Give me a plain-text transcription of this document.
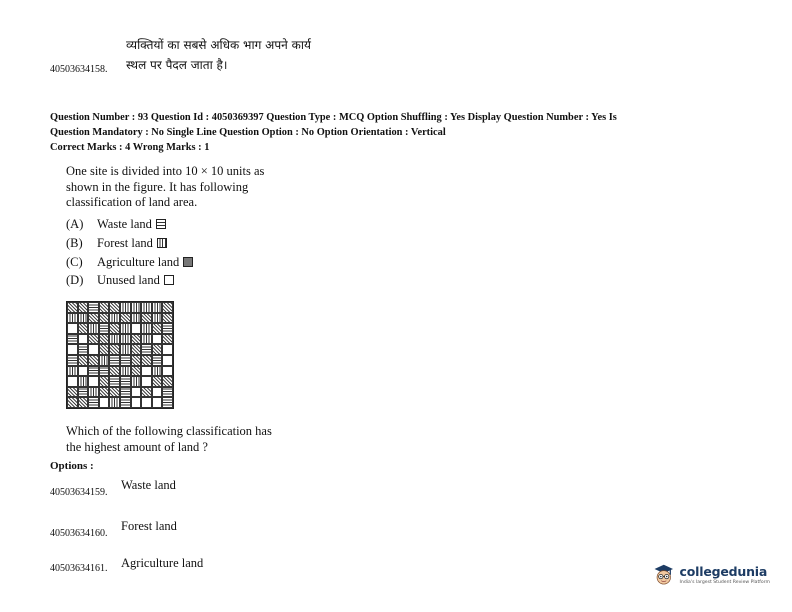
40503634158.
व्यक्तियों का सबसे अधिक भाग अपने कार्य
स्थल पर पैदल जाता है।
Question Number : 93 Question Id : 4050369397 Question Type : MCQ Option Shuffling : Yes Display Question Number : Yes Is
Question Mandatory : No Single Line Question Option : No Option Orientation : Vertical
Correct Marks : 4 Wrong Marks : 1
One site is divided into 10 × 10 units as
shown in the figure. It has following
classification of land area.
(A)	Waste land
(B)	Forest land
(C)	Agriculture land
(D)	Unused land
Which of the following classification has
the highest amount of land ?
Options :
40503634159.
Waste land
40503634160.
Forest land
40503634161. Agriculture land
collegedunia
India's largest Student Review Platform
